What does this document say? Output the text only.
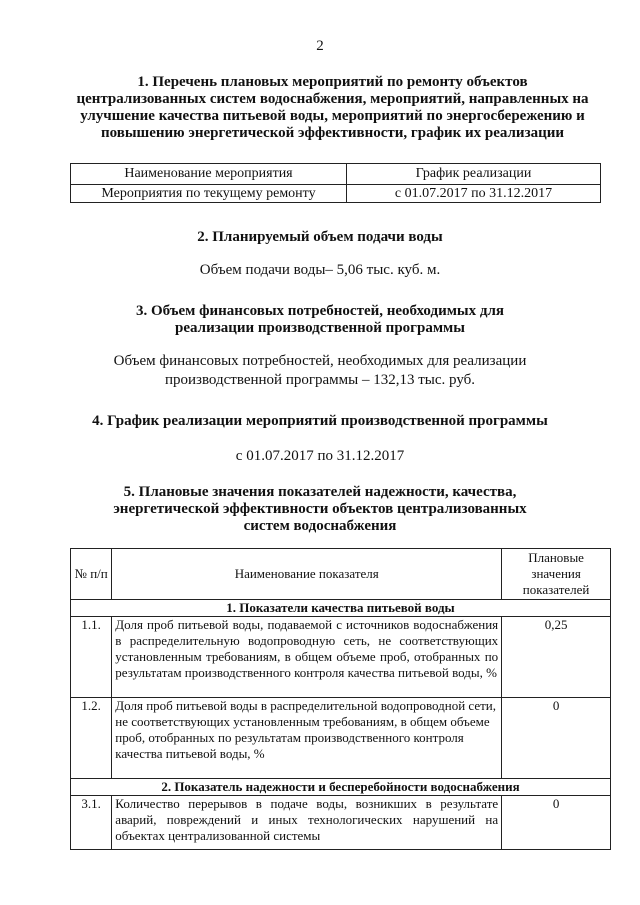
2
1. Перечень плановых мероприятий по ремонту объектов
централизованных систем водоснабжения, мероприятий, направленных на
улучшение качества питьевой воды, мероприятий по энергосбережению и
повышению энергетической эффективности, график их реализации
Наименование мероприятия	График реализации
Мероприятия по текущему ремонту	с 01.07.2017 по 31.12.2017
2. Планируемый объем подачи воды
Объем подачи воды– 5,06 тыс. куб. м.
3. Объем финансовых потребностей, необходимых для
реализации производственной программы
Объем финансовых потребностей, необходимых для реализации
производственной программы – 132,13 тыс. руб.
4. График реализации мероприятий производственной программы
с 01.07.2017 по 31.12.2017
5. Плановые значения показателей надежности, качества,
энергетической эффективности объектов централизованных
систем водоснабжения
№ п/п	Наименование показателя	Плановые значения показателей
1. Показатели качества питьевой воды		
1.1.	Доля проб питьевой воды, подаваемой с источников водоснабжения в распределительную водопроводную сеть, не соответствующих установленным требованиям, в общем объеме проб, отобранных по результатам производственного контроля качества питьевой воды, %	0,25
1.2.	Доля проб питьевой воды в распределительной водопроводной сети, не соответствующих установленным требованиям, в общем объеме проб, отобранных по результатам производственного контроля качества питьевой воды, %	0
2. Показатель надежности и бесперебойности водоснабжения		
3.1.	Количество перерывов в подаче воды, возникших в результате аварий, повреждений и иных технологических нарушений на объектах централизованной системы	0
